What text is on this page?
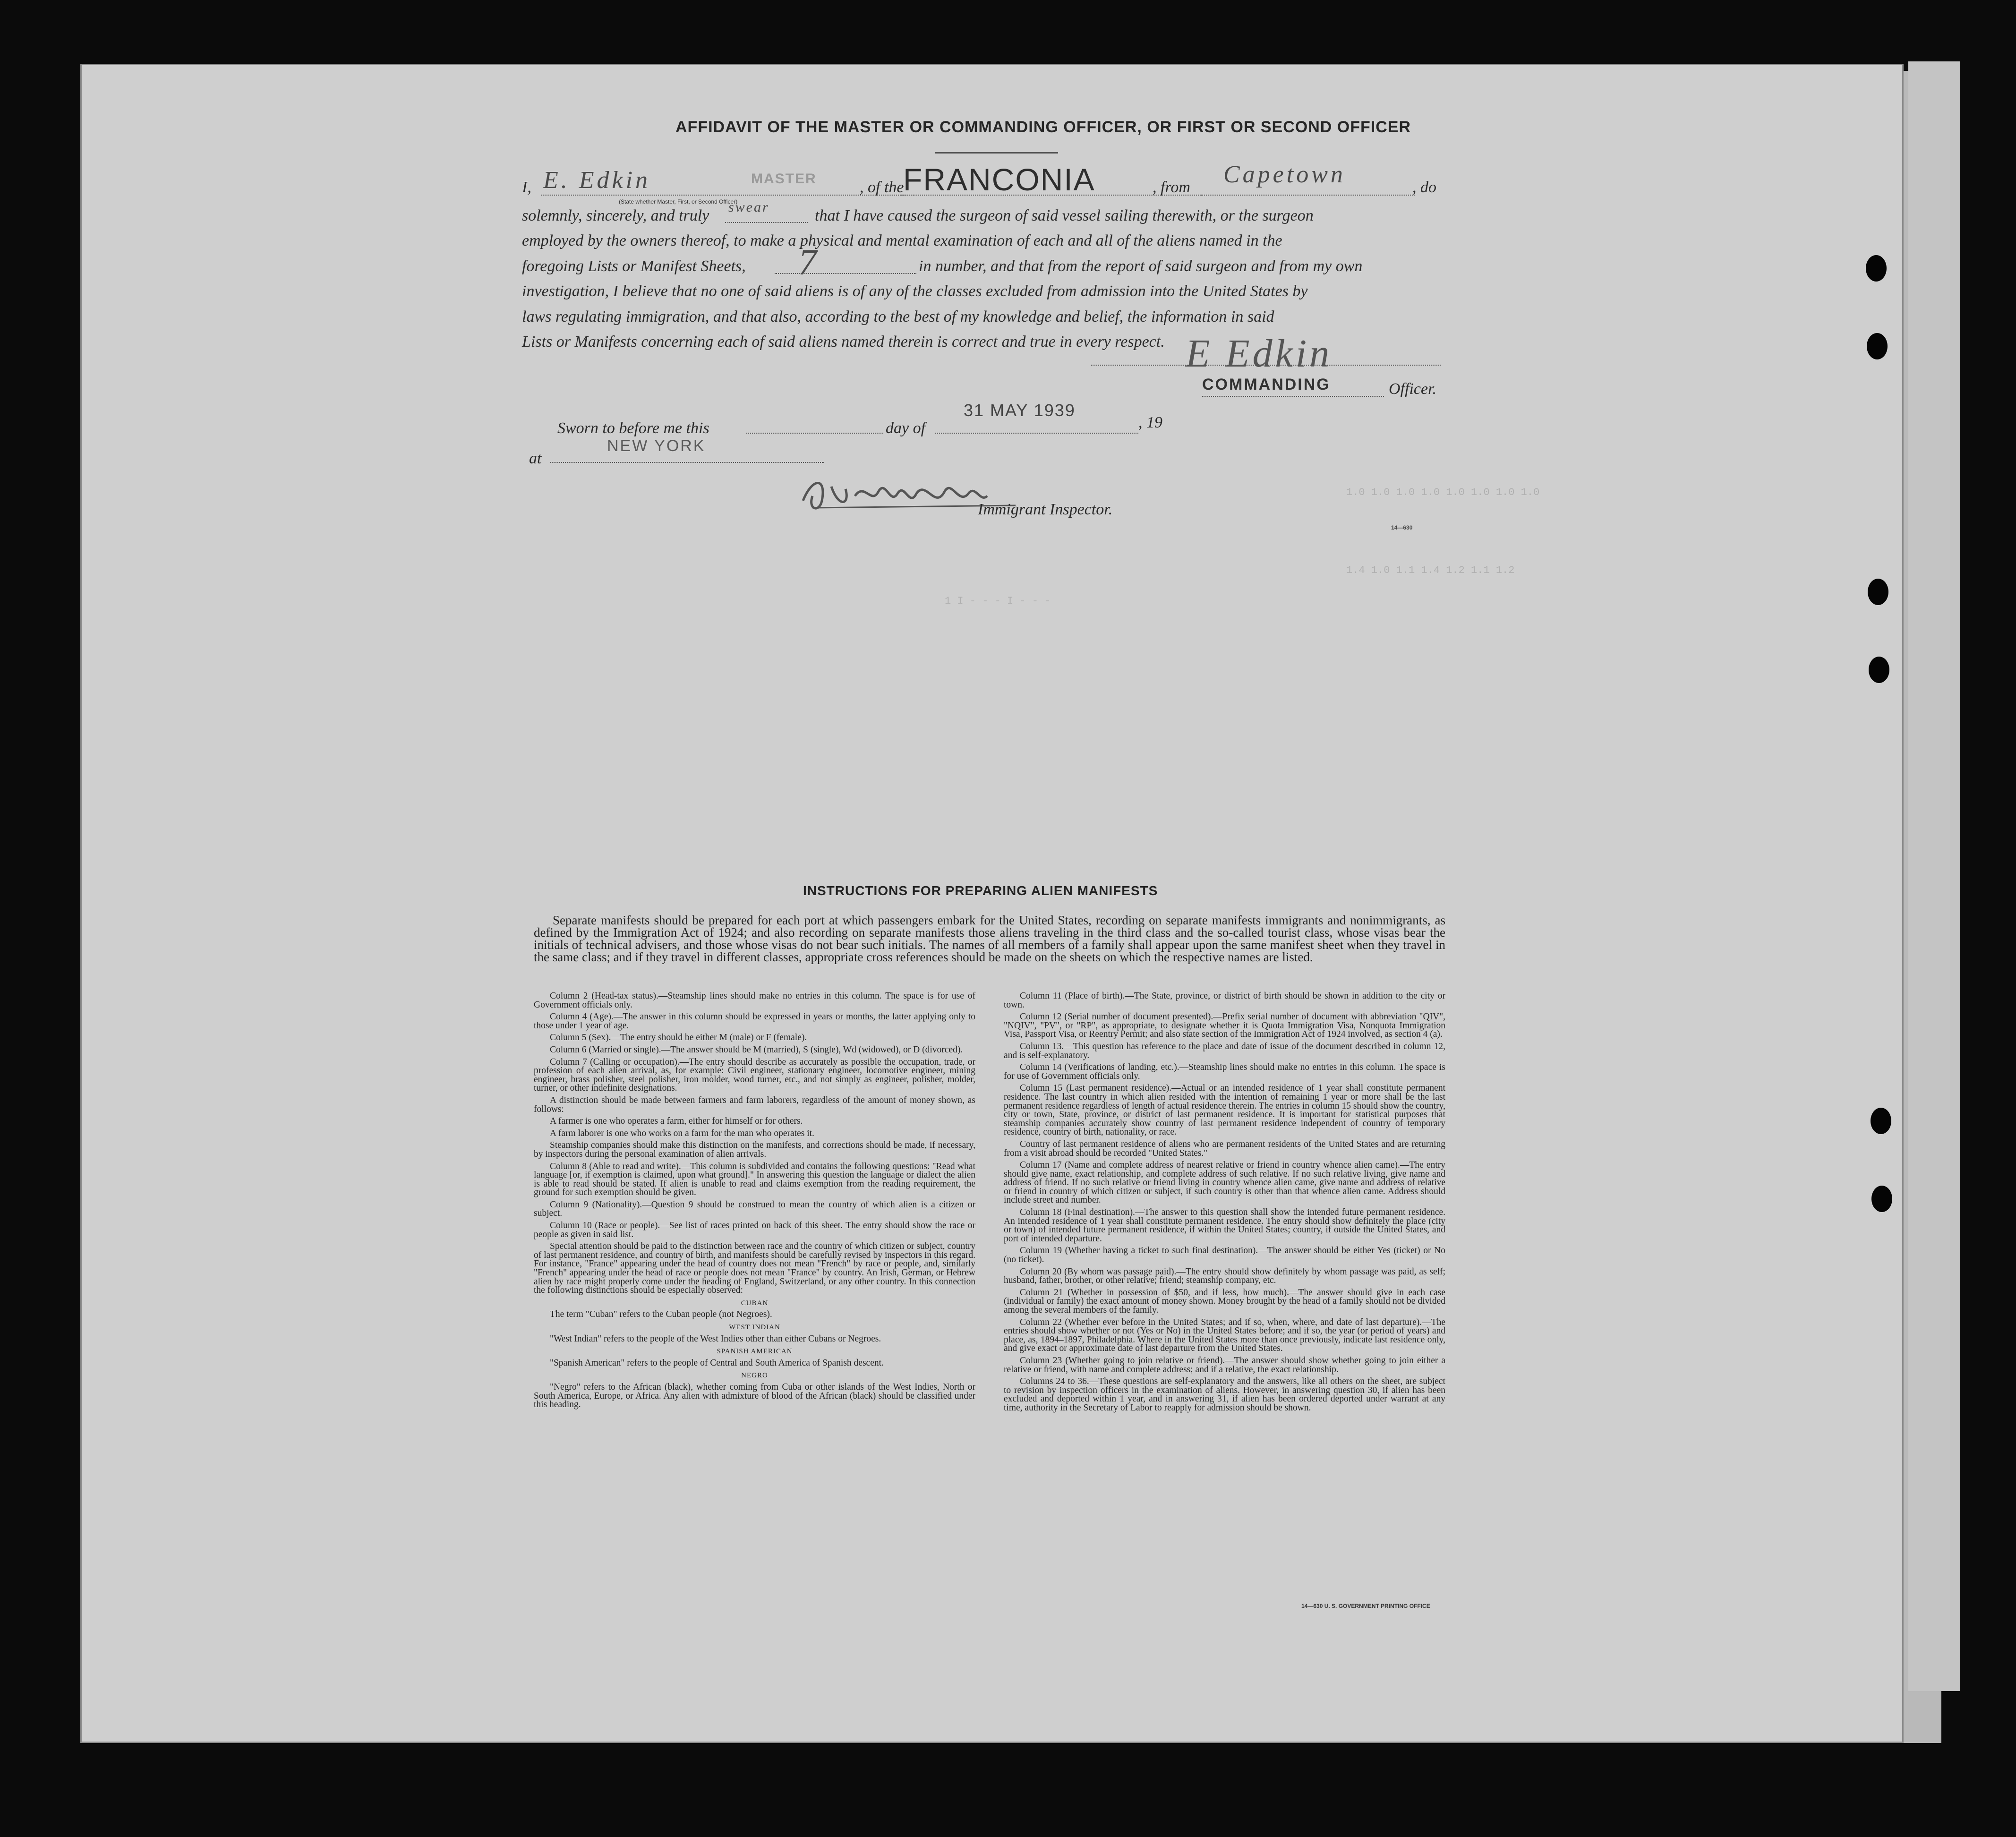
AFFIDAVIT OF THE MASTER OR COMMANDING OFFICER, OR FIRST OR SECOND OFFICER
I, E. Edkin	MASTER
(State whether Master, First, or Second Officer)
, of the
FRANCONIA	, from Capetown	, do
solemnly, sincerely, and truly swear	that I have caused the surgeon of said vessel sailing therewith, or the surgeon
employed by the owners thereof, to make a physical and mental examination of each and all of the aliens named in the
foregoing Lists or Manifest Sheets, 7	in number, and that from the report of said surgeon and from my own
investigation, I believe that no one of said aliens is of any of the classes excluded from admission into the United States by
laws regulating immigration, and that also, according to the best of my knowledge and belief, the information in said
Lists or Manifests concerning each of said aliens named therein is correct and true in every respect. E Edkin
COMMANDING	Officer.
Sworn to before me this	day of
31 MAY 1939
, 19
at
NEW YORK
Immigrant Inspector.
14—630
1.0 1.0 1.0 1.0 1.0 1.0 1.0 1.0
1.4 1.0 1.1 1.4 1.2 1.1 1.2
1 I - - - I - - -
INSTRUCTIONS FOR PREPARING ALIEN MANIFESTS
Separate manifests should be prepared for each port at which passengers embark for the United States, recording on separate manifests immigrants and nonimmigrants, as defined by the Immigration Act of 1924; and also recording on separate manifests those aliens traveling in the third class and the so-called tourist class, whose visas bear the initials of technical advisers, and those whose visas do not bear such initials. The names of all members of a family shall appear upon the same manifest sheet when they travel in the same class; and if they travel in different classes, appropriate cross references should be made on the sheets on which the respective names are listed.

Column 2 (Head-tax status).—Steamship lines should make no entries in this column. The space is for use of Government officials only.

Column 4 (Age).—The answer in this column should be expressed in years or months, the latter applying only to those under 1 year of age.

Column 5 (Sex).—The entry should be either M (male) or F (female).

Column 6 (Married or single).—The answer should be M (married), S (single), Wd (widowed), or D (divorced).

Column 7 (Calling or occupation).—The entry should describe as accurately as possible the occupation, trade, or profession of each alien arrival, as, for example: Civil engineer, stationary engineer, locomotive engineer, mining engineer, brass polisher, steel polisher, iron molder, wood turner, etc., and not simply as engineer, polisher, molder, turner, or other indefinite designations.

A distinction should be made between farmers and farm laborers, regardless of the amount of money shown, as follows:

A farmer is one who operates a farm, either for himself or for others.

A farm laborer is one who works on a farm for the man who operates it.

Steamship companies should make this distinction on the manifests, and corrections should be made, if necessary, by inspectors during the personal examination of alien arrivals.

Column 8 (Able to read and write).—This column is subdivided and contains the following questions: "Read what language [or, if exemption is claimed, upon what ground]." In answering this question the language or dialect the alien is able to read should be stated. If alien is unable to read and claims exemption from the reading requirement, the ground for such exemption should be given.

Column 9 (Nationality).—Question 9 should be construed to mean the country of which alien is a citizen or subject.

Column 10 (Race or people).—See list of races printed on back of this sheet. The entry should show the race or people as given in said list.

Special attention should be paid to the distinction between race and the country of which citizen or subject, country of last permanent residence, and country of birth, and manifests should be carefully revised by inspectors in this regard. For instance, "France" appearing under the head of country does not mean "French" by race or people, and, similarly "French" appearing under the head of race or people does not mean "France" by country. An Irish, German, or Hebrew alien by race might properly come under the heading of England, Switzerland, or any other country. In this connection the following distinctions should be especially observed:

CUBAN

The term "Cuban" refers to the Cuban people (not Negroes).

WEST INDIAN

"West Indian" refers to the people of the West Indies other than either Cubans or Negroes.

SPANISH AMERICAN

"Spanish American" refers to the people of Central and South America of Spanish descent.

NEGRO

"Negro" refers to the African (black), whether coming from Cuba or other islands of the West Indies, North or South America, Europe, or Africa. Any alien with admixture of blood of the African (black) should be classified under this heading.

Column 11 (Place of birth).—The State, province, or district of birth should be shown in addition to the city or town.

Column 12 (Serial number of document presented).—Prefix serial number of document with abbreviation "QIV", "NQIV", "PV", or "RP", as appropriate, to designate whether it is Quota Immigration Visa, Nonquota Immigration Visa, Passport Visa, or Reentry Permit; and also state section of the Immigration Act of 1924 involved, as section 4 (a).

Column 13.—This question has reference to the place and date of issue of the document described in column 12, and is self-explanatory.

Column 14 (Verifications of landing, etc.).—Steamship lines should make no entries in this column. The space is for use of Government officials only.

Column 15 (Last permanent residence).—Actual or an intended residence of 1 year shall constitute permanent residence. The last country in which alien resided with the intention of remaining 1 year or more shall be the last permanent residence regardless of length of actual residence therein. The entries in column 15 should show the country, city or town, State, province, or district of last permanent residence. It is important for statistical purposes that steamship companies accurately show country of last permanent residence independent of country of temporary residence, country of birth, nationality, or race.

Country of last permanent residence of aliens who are permanent residents of the United States and are returning from a visit abroad should be recorded "United States."

Column 17 (Name and complete address of nearest relative or friend in country whence alien came).—The entry should give name, exact relationship, and complete address of such relative. If no such relative living, give name and address of friend. If no such relative or friend living in country whence alien came, give name and address of relative or friend in country of which citizen or subject, if such country is other than that whence alien came. Address should include street and number.

Column 18 (Final destination).—The answer to this question shall show the intended future permanent residence. An intended residence of 1 year shall constitute permanent residence. The entry should show definitely the place (city or town) of intended future permanent residence, if within the United States; country, if outside the United States, and port of intended departure.

Column 19 (Whether having a ticket to such final destination).—The answer should be either Yes (ticket) or No (no ticket).

Column 20 (By whom was passage paid).—The entry should show definitely by whom passage was paid, as self; husband, father, brother, or other relative; friend; steamship company, etc.

Column 21 (Whether in possession of $50, and if less, how much).—The answer should give in each case (individual or family) the exact amount of money shown. Money brought by the head of a family should not be divided among the several members of the family.

Column 22 (Whether ever before in the United States; and if so, when, where, and date of last departure).—The entries should show whether or not (Yes or No) in the United States before; and if so, the year (or period of years) and place, as, 1894–1897, Philadelphia. Where in the United States more than once previously, indicate last residence only, and give exact or approximate date of last departure from the United States.

Column 23 (Whether going to join relative or friend).—The answer should show whether going to join either a relative or friend, with name and complete address; and if a relative, the exact relationship.

Columns 24 to 36.—These questions are self-explanatory and the answers, like all others on the sheet, are subject to revision by inspection officers in the examination of aliens. However, in answering question 30, if alien has been excluded and deported within 1 year, and in answering 31, if alien has been ordered deported under warrant at any time, authority in the Secretary of Labor to reapply for admission should be shown.

14—630 U. S. GOVERNMENT PRINTING OFFICE
